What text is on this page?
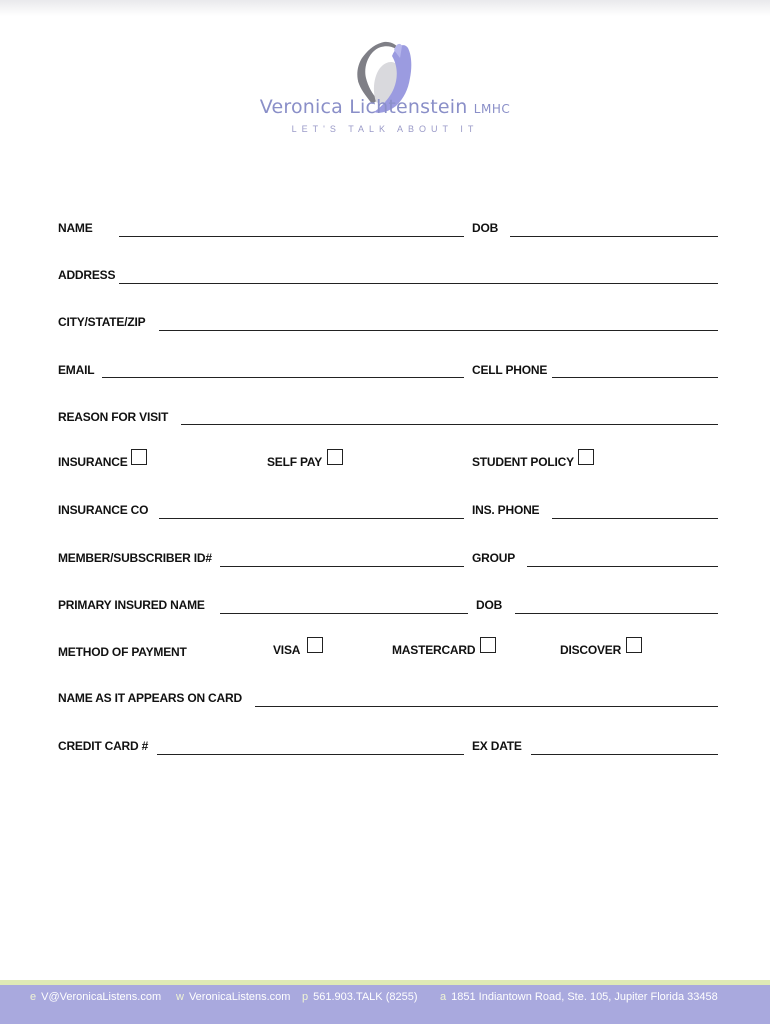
Veronica Lichtenstein LMHC
LET'S TALK ABOUT IT
NAME	DOB
ADDRESS
CITY/STATE/ZIP
EMAIL	CELL PHONE
REASON FOR VISIT
INSURANCE	SELF PAY	STUDENT POLICY
INSURANCE CO	INS. PHONE
MEMBER/SUBSCRIBER ID#	GROUP
PRIMARY INSURED NAME	DOB
METHOD OF PAYMENT	VISA	MASTERCARD	DISCOVER
NAME AS IT APPEARS ON CARD
CREDIT CARD #	EX DATE
e V@VeronicaListens.com w VeronicaListens.com p 561.903.TALK (8255) a 1851 Indiantown Road, Ste. 105, Jupiter Florida 33458
